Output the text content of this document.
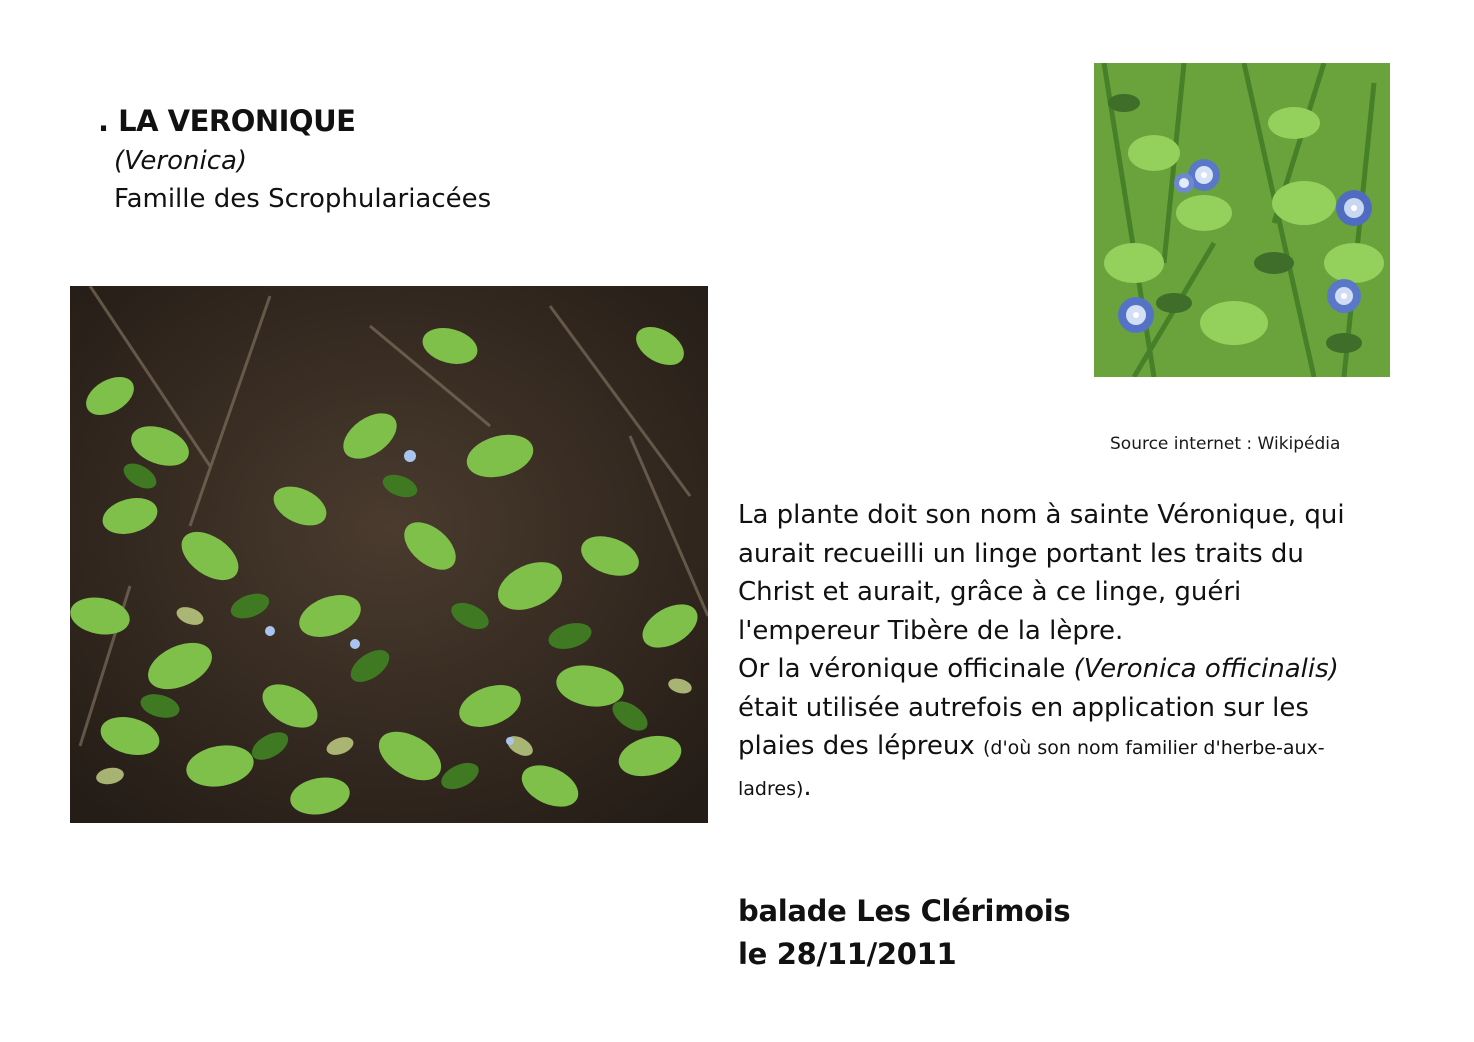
. LA VERONIQUE
(Veronica)
Famille des Scrophulariacées
Source internet : Wikipédia
La plante doit son nom à sainte Véronique, qui
aurait recueilli un linge portant les traits du
Christ et aurait, grâce à ce linge, guéri
l'empereur Tibère de la lèpre.
Or la véronique officinale (Veronica officinalis)
était utilisée autrefois en application sur les
plaies des lépreux (d'où son nom familier d'herbe-aux-
ladres).
balade Les Clérimois
le 28/11/2011
